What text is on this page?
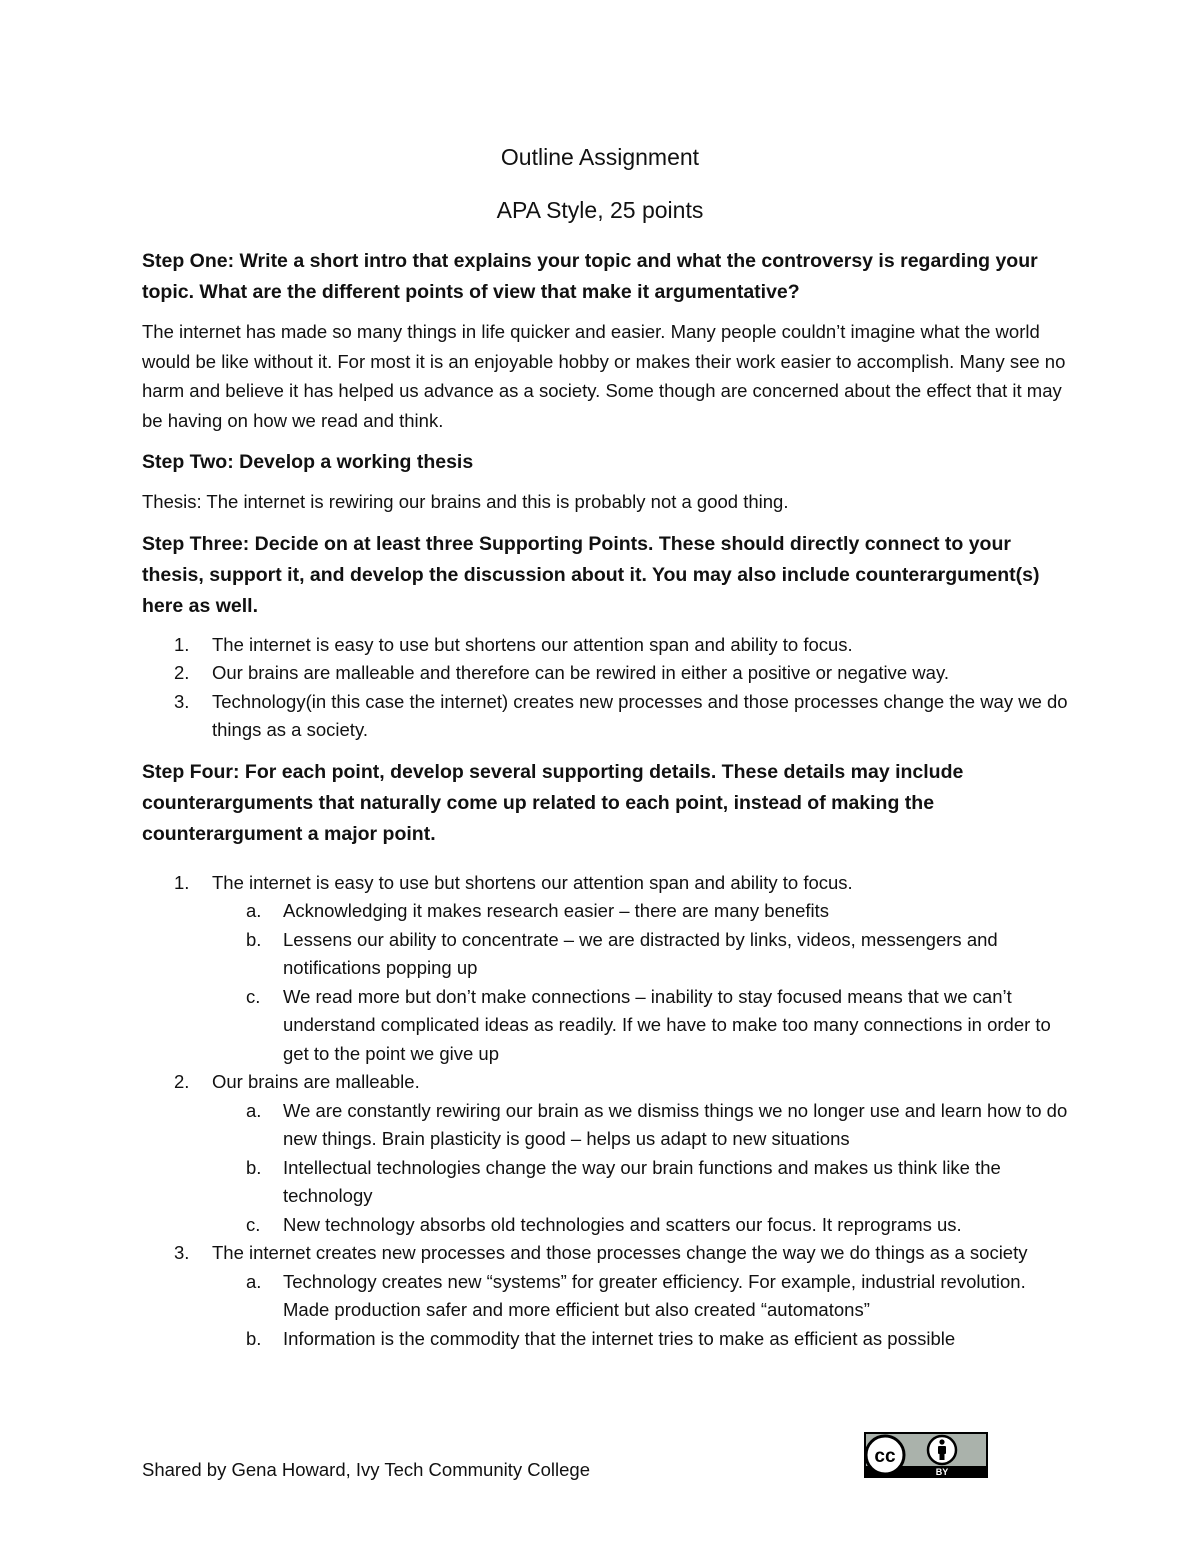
Outline Assignment
APA Style, 25 points
Step One: Write a short intro that explains your topic and what the controversy is regarding your topic. What are the different points of view that make it argumentative?
The internet has made so many things in life quicker and easier. Many people couldn’t imagine what the world would be like without it. For most it is an enjoyable hobby or makes their work easier to accomplish. Many see no harm and believe it has helped us advance as a society. Some though are concerned about the effect that it may be having on how we read and think.
Step Two: Develop a working thesis
Thesis: The internet is rewiring our brains and this is probably not a good thing.
Step Three: Decide on at least three Supporting Points. These should directly connect to your thesis, support it, and develop the discussion about it. You may also include counterargument(s) here as well.
1. The internet is easy to use but shortens our attention span and ability to focus.
2. Our brains are malleable and therefore can be rewired in either a positive or negative way.
3. Technology(in this case the internet) creates new processes and those processes change the way we do things as a society.
Step Four: For each point, develop several supporting details. These details may include counterarguments that naturally come up related to each point, instead of making the counterargument a major point.
1. The internet is easy to use but shortens our attention span and ability to focus.
a. Acknowledging it makes research easier – there are many benefits
b. Lessens our ability to concentrate – we are distracted by links, videos, messengers and notifications popping up
c. We read more but don’t make connections – inability to stay focused means that we can’t understand complicated ideas as readily. If we have to make too many connections in order to get to the point we give up
2. Our brains are malleable.
a. We are constantly rewiring our brain as we dismiss things we no longer use and learn how to do new things. Brain plasticity is good – helps us adapt to new situations
b. Intellectual technologies change the way our brain functions and makes us think like the technology
c. New technology absorbs old technologies and scatters our focus. It reprograms us.
3. The internet creates new processes and those processes change the way we do things as a society
a. Technology creates new “systems” for greater efficiency. For example, industrial revolution. Made production safer and more efficient but also created “automatons”
b. Information is the commodity that the internet tries to make as efficient as possible
Shared by Gena Howard, Ivy Tech Community College
cc
BY
